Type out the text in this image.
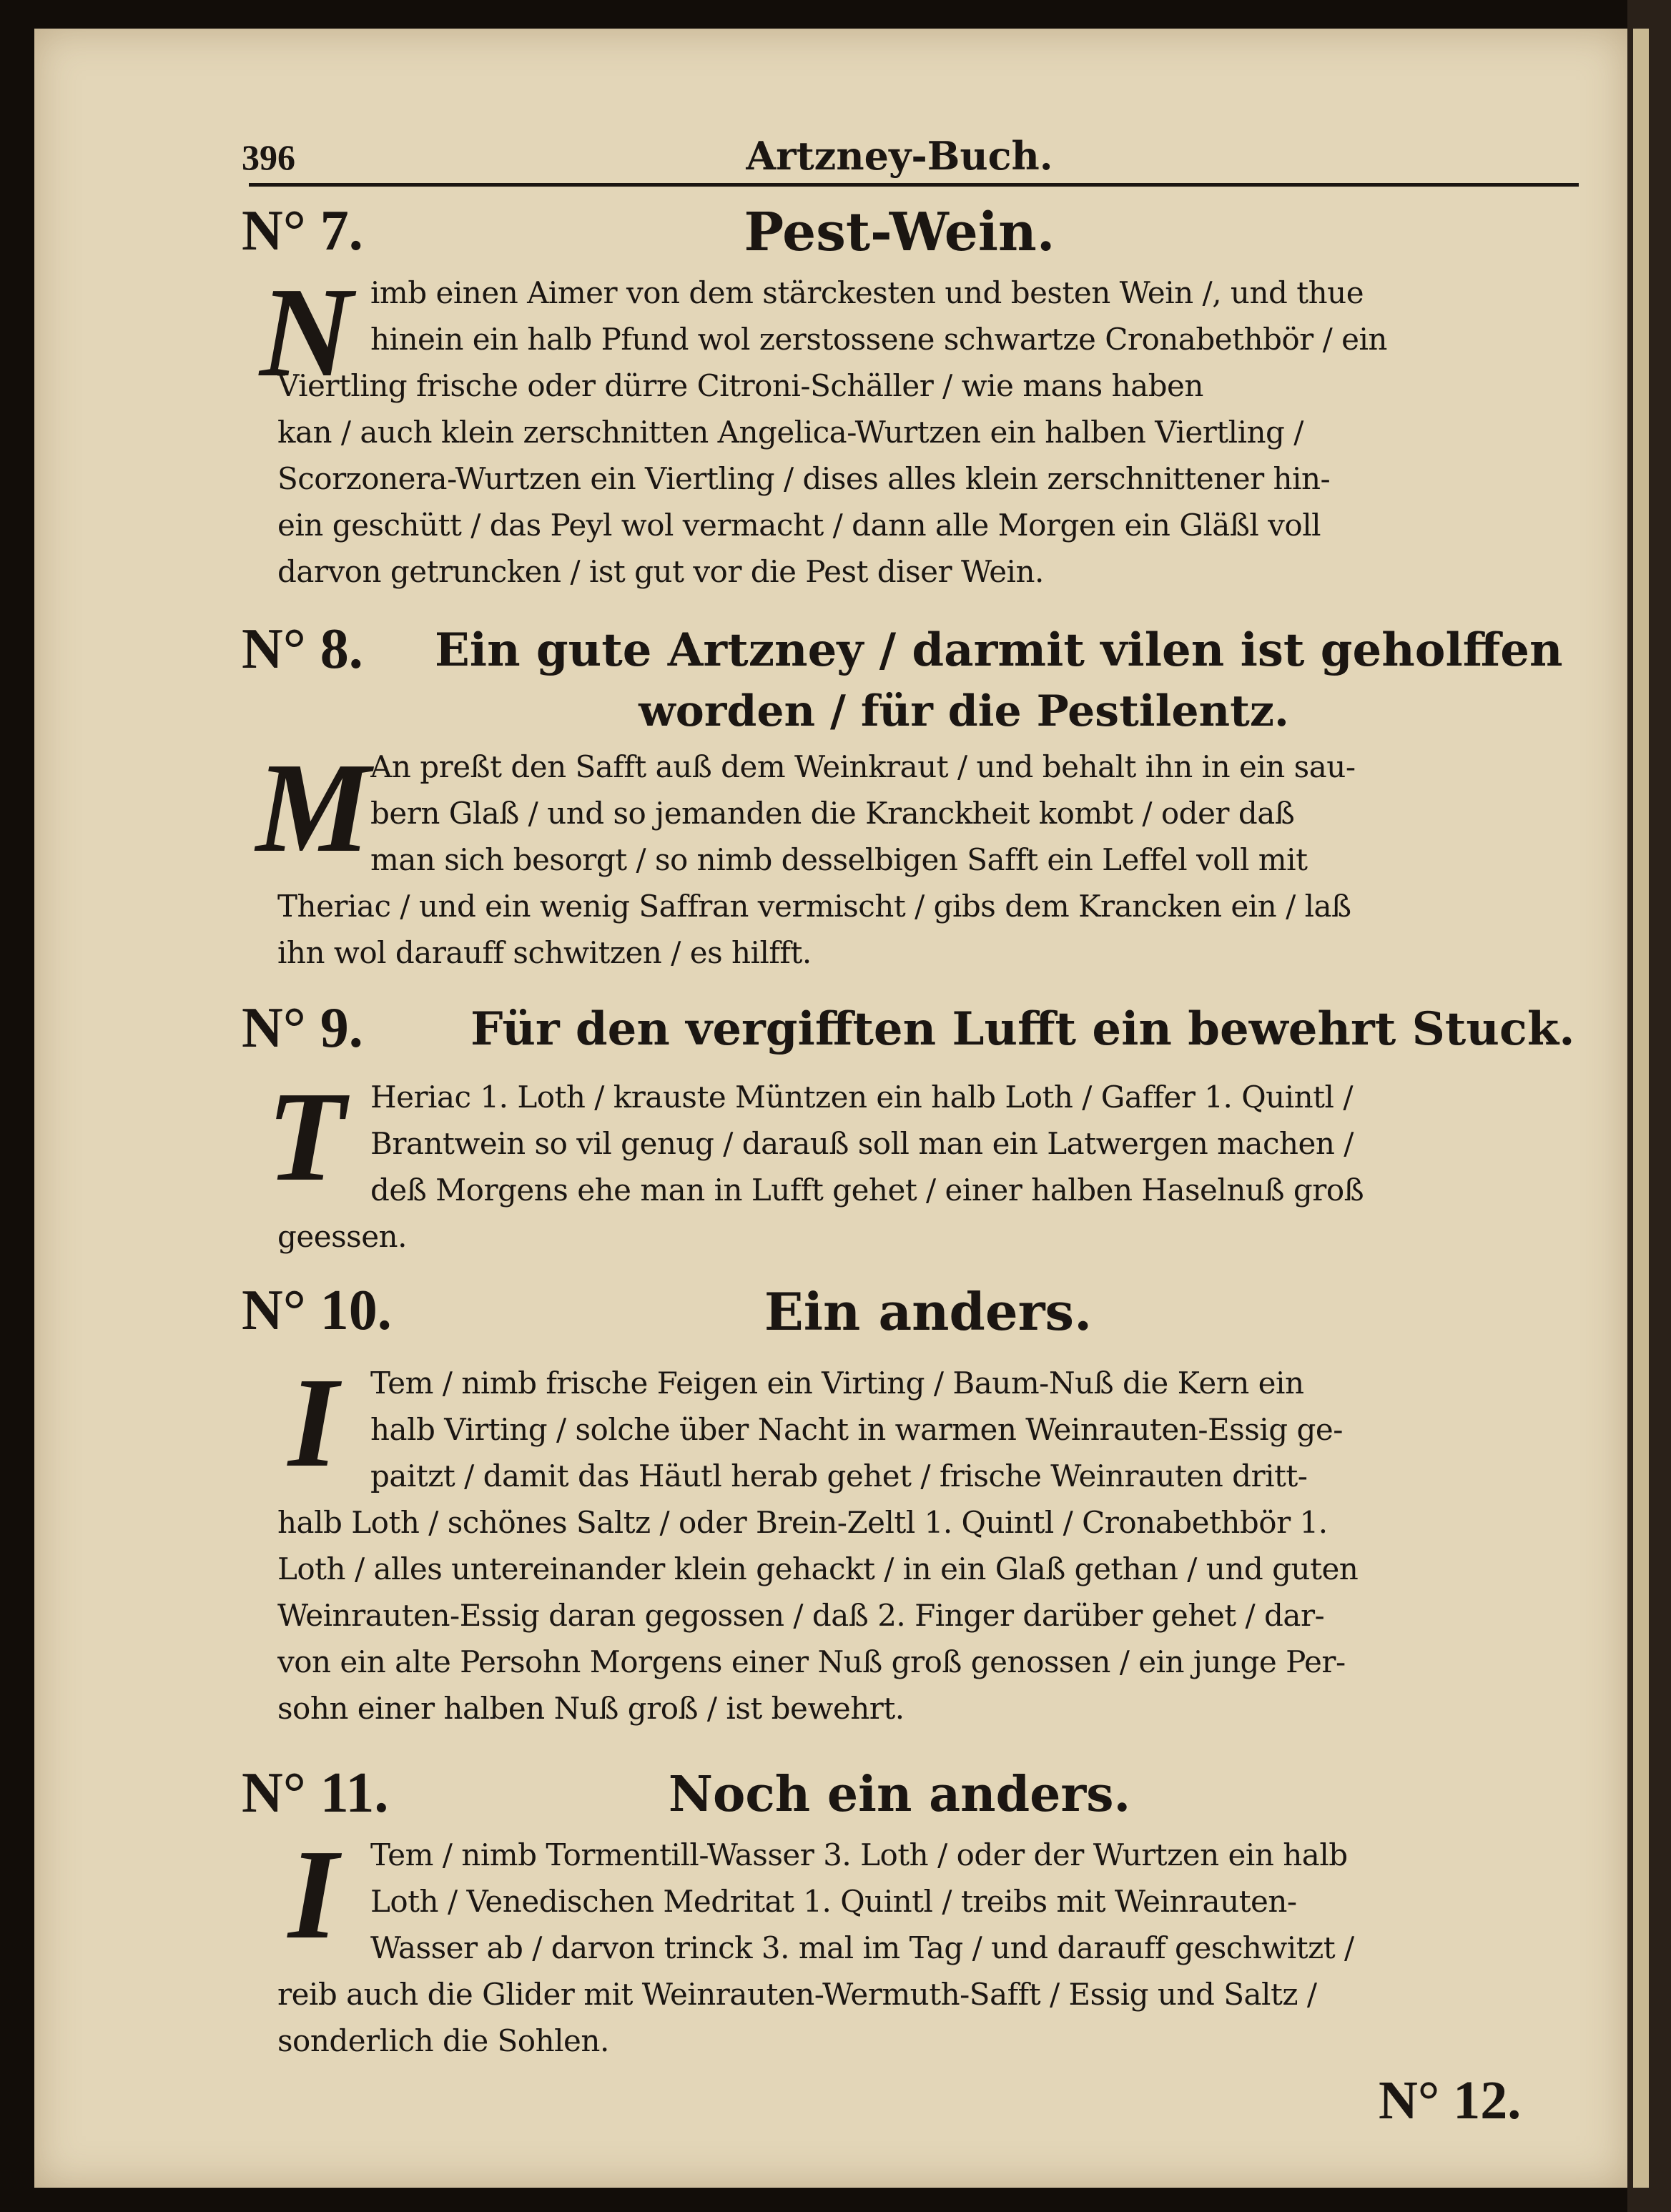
396	Artzney-Buch.
N° 7.	Pest-Wein.
N imb einen Aimer von dem stärckesten und besten Wein /, und thue
hinein ein halb Pfund wol zerstossene schwartze Cronabethbör / ein
Viertling frische oder dürre Citroni-Schäller / wie mans haben
kan / auch klein zerschnitten Angelica-Wurtzen ein halben Viertling /
Scorzonera-Wurtzen ein Viertling / dises alles klein zerschnittener hin-
ein geschütt / das Peyl wol vermacht / dann alle Morgen ein Gläßl voll
darvon getruncken / ist gut vor die Pest diser Wein.
N° 8. Ein gute Artzney / darmit vilen ist geholffen
worden / für die Pestilentz.
M An preßt den Safft auß dem Weinkraut / und behalt ihn in ein sau-
bern Glaß / und so jemanden die Kranckheit kombt / oder daß
man sich besorgt / so nimb desselbigen Safft ein Leffel voll mit
Theriac / und ein wenig Saffran vermischt / gibs dem Krancken ein / laß
ihn wol darauff schwitzen / es hilfft.
N° 9. Für den vergifften Lufft ein bewehrt Stuck.
T Heriac 1. Loth / krauste Müntzen ein halb Loth / Gaffer 1. Quintl /
Brantwein so vil genug / darauß soll man ein Latwergen machen /
deß Morgens ehe man in Lufft gehet / einer halben Haselnuß groß
geessen.
N° 10.	Ein anders.
I	Tem / nimb frische Feigen ein Virting / Baum-Nuß die Kern ein
halb Virting / solche über Nacht in warmen Weinrauten-Essig ge-
paitzt / damit das Häutl herab gehet / frische Weinrauten dritt-
halb Loth / schönes Saltz / oder Brein-Zeltl 1. Quintl / Cronabethbör 1.
Loth / alles untereinander klein gehackt / in ein Glaß gethan / und guten
Weinrauten-Essig daran gegossen / daß 2. Finger darüber gehet / dar-
von ein alte Persohn Morgens einer Nuß groß genossen / ein junge Per-
sohn einer halben Nuß groß / ist bewehrt.
N° 11.	Noch ein anders.
I	Tem / nimb Tormentill-Wasser 3. Loth / oder der Wurtzen ein halb
Loth / Venedischen Medritat 1. Quintl / treibs mit Weinrauten-
Wasser ab / darvon trinck 3. mal im Tag / und darauff geschwitzt /
reib auch die Glider mit Weinrauten-Wermuth-Safft / Essig und Saltz /
sonderlich die Sohlen.
N° 12.
